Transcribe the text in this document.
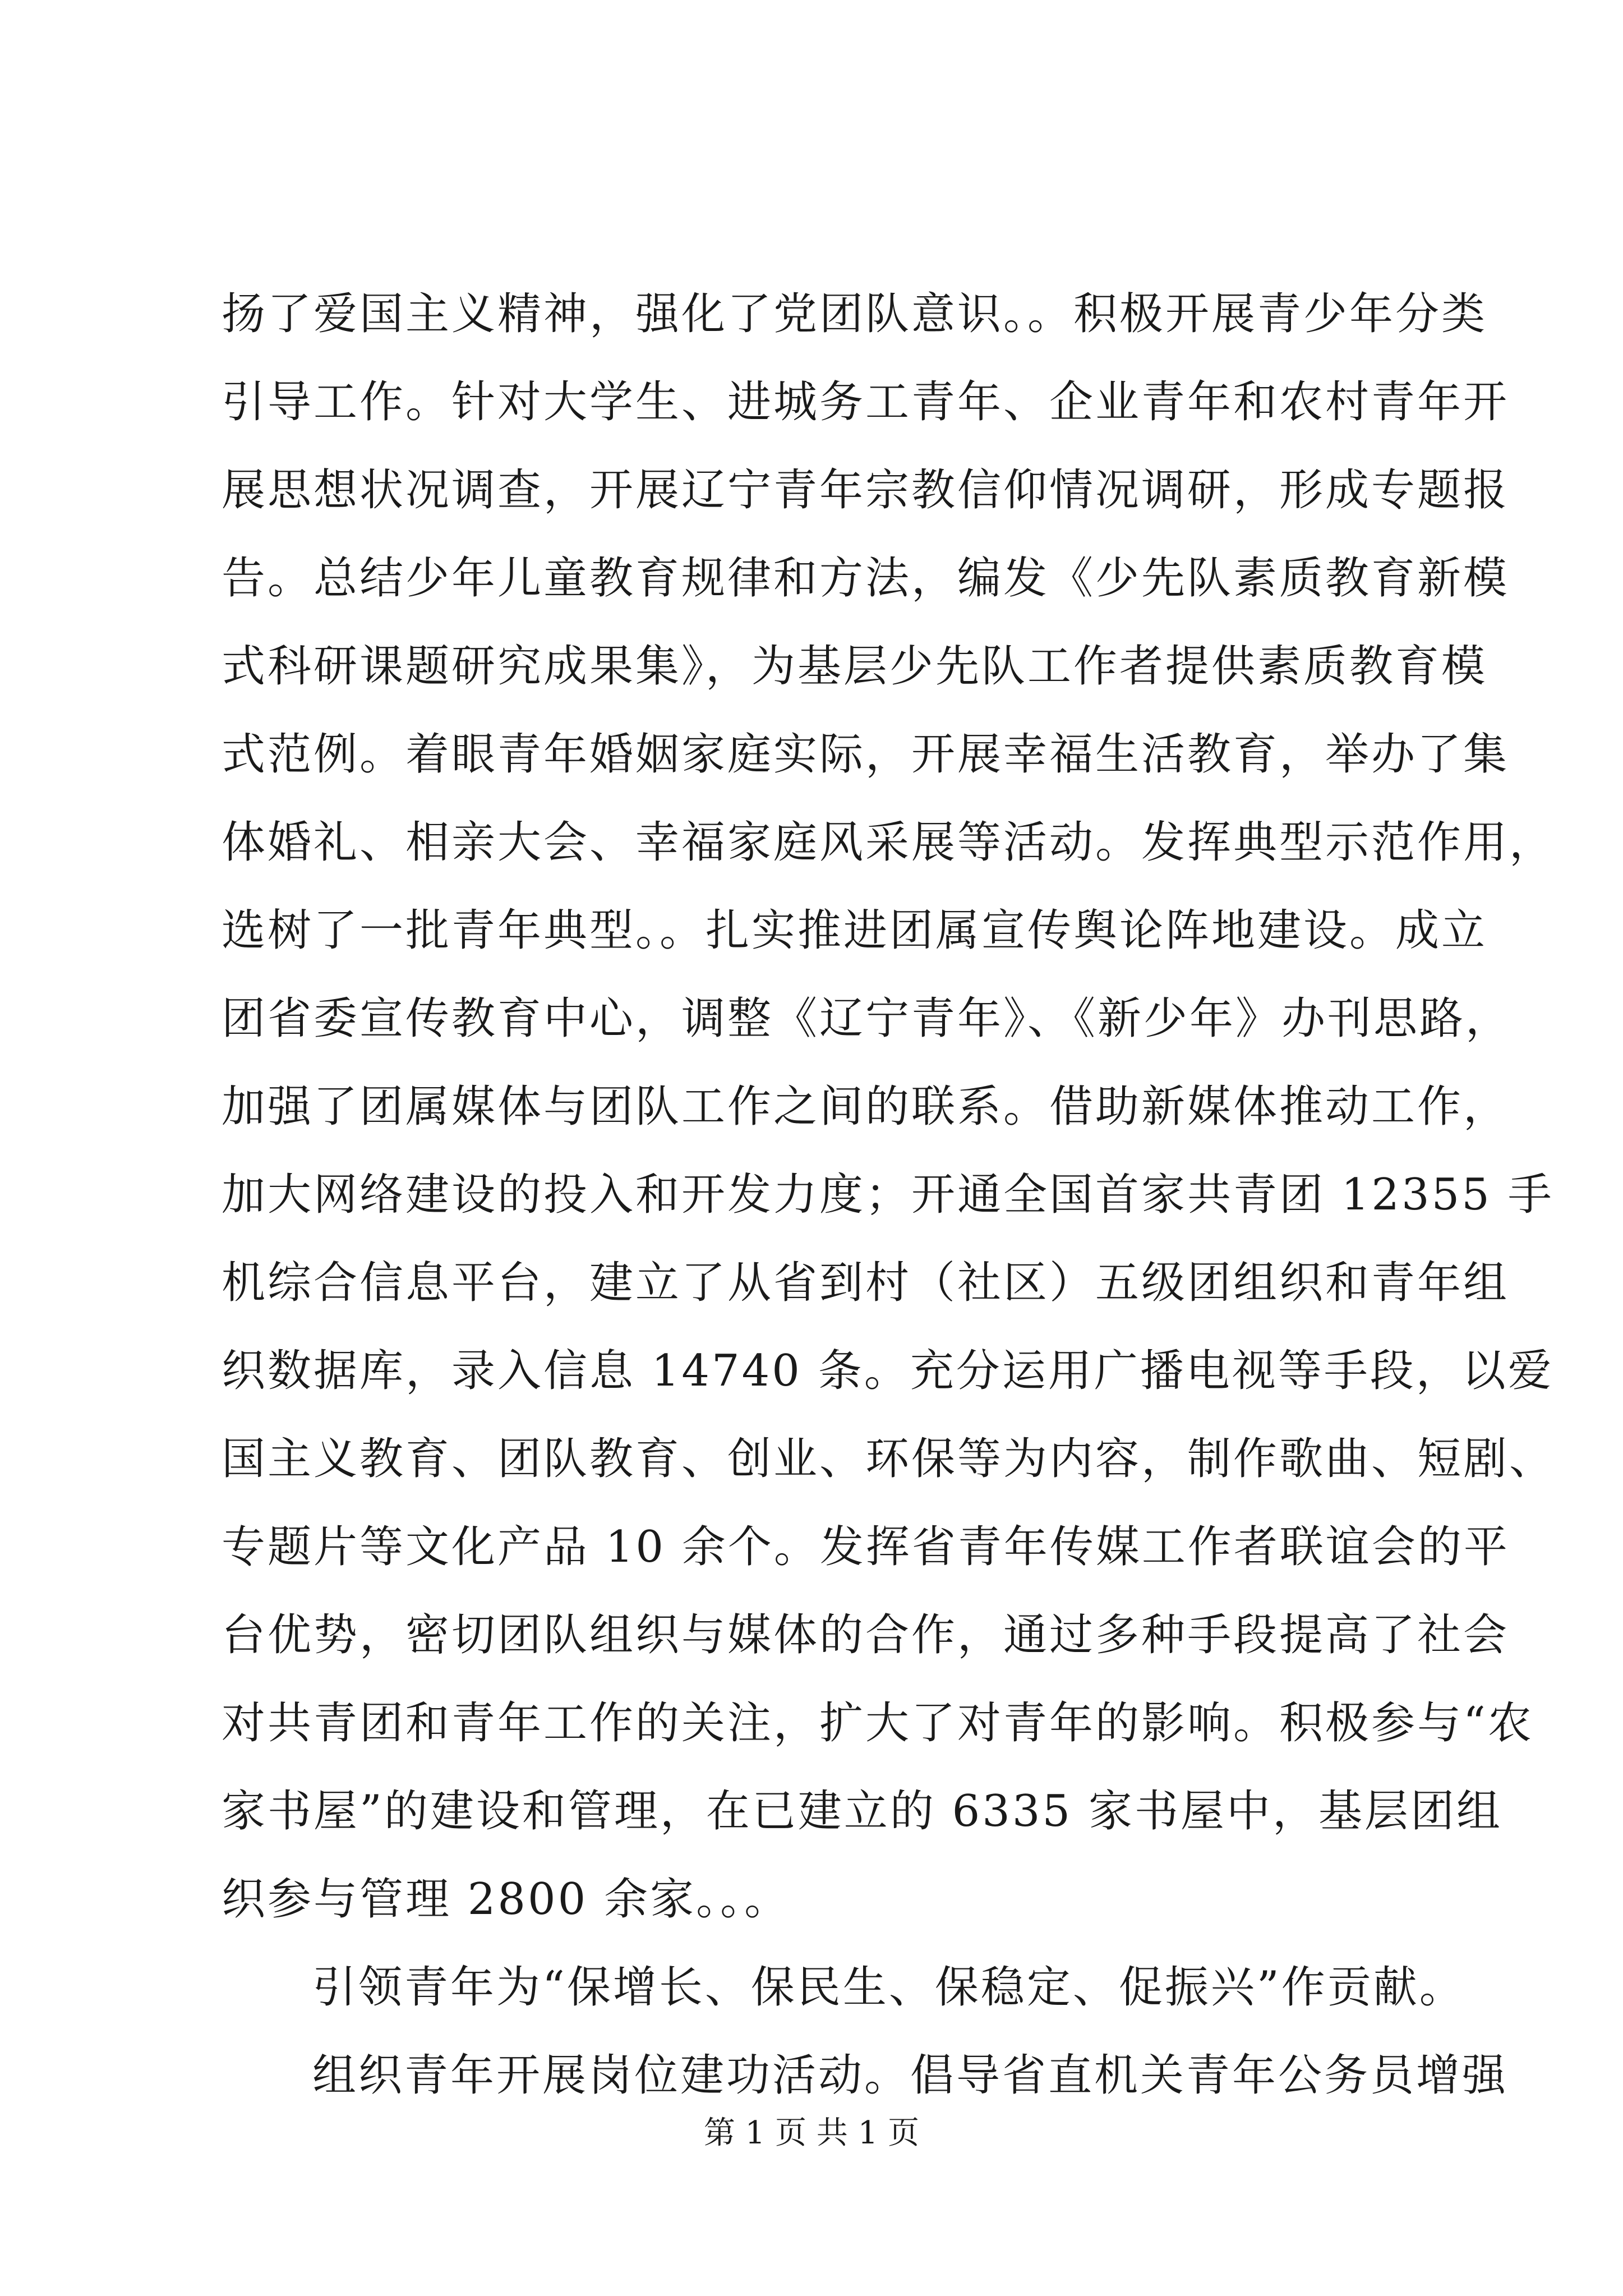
扬了爱国主义精神，强化了党团队意识。。积极开展青少年分类
引导工作。针对大学生、进城务工青年、企业青年和农村青年开
展思想状况调查，开展辽宁青年宗教信仰情况调研，形成专题报
告。总结少年儿童教育规律和方法，编发《少先队素质教育新模
式科研课题研究成果集》，为基层少先队工作者提供素质教育模
式范例。着眼青年婚姻家庭实际，开展幸福生活教育，举办了集
体婚礼、相亲大会、幸福家庭风采展等活动。发挥典型示范作用，
选树了一批青年典型。。扎实推进团属宣传舆论阵地建设。成立
团省委宣传教育中心，调整《辽宁青年》、《新少年》办刊思路，
加强了团属媒体与团队工作之间的联系。借助新媒体推动工作，
加大网络建设的投入和开发力度；开通全国首家共青团 12355 手
机综合信息平台，建立了从省到村（社区）五级团组织和青年组
织数据库，录入信息 14740 条。充分运用广播电视等手段，以爱
国主义教育、团队教育、创业、环保等为内容，制作歌曲、短剧、
专题片等文化产品 10 余个。发挥省青年传媒工作者联谊会的平
台优势，密切团队组织与媒体的合作，通过多种手段提高了社会
对共青团和青年工作的关注，扩大了对青年的影响。积极参与“农
家书屋”的建设和管理，在已建立的 6335 家书屋中，基层团组
织参与管理 2800 余家。。。
引领青年为“保增长、保民生、保稳定、促振兴”作贡献。
组织青年开展岗位建功活动。倡导省直机关青年公务员增强
第 1 页 共 1 页
